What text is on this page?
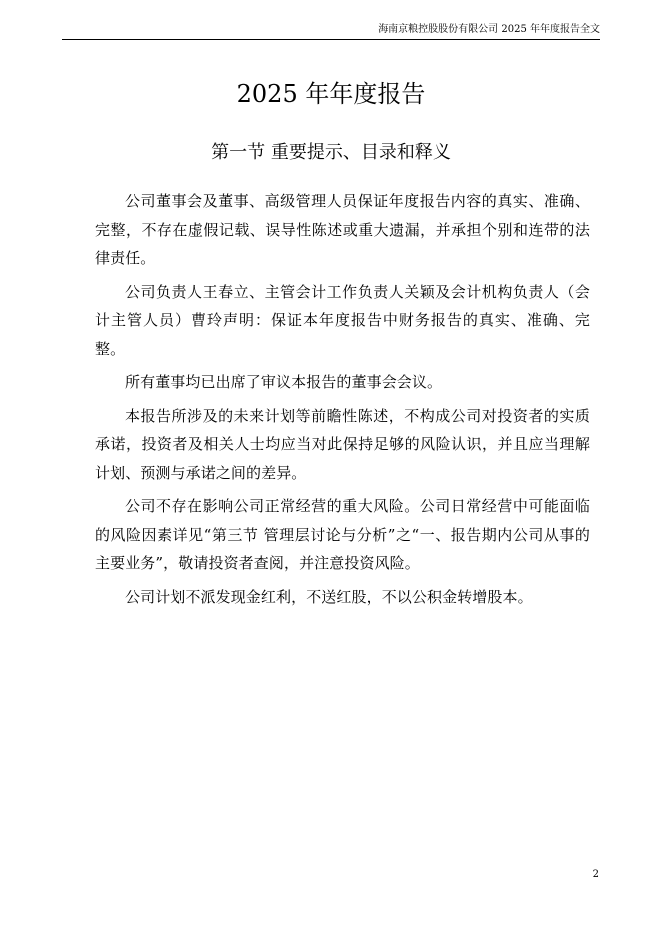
海南京粮控股股份有限公司 2025 年年度报告全文
2025 年年度报告
第一节 重要提示、目录和释义

公司董事会及董事、高级管理人员保证年度报告内容的真实、准确、完整，不存在虚假记载、误导性陈述或重大遗漏，并承担个别和连带的法律责任。

公司负责人王春立、主管会计工作负责人关颖及会计机构负责人（会计主管人员）曹玲声明：保证本年度报告中财务报告的真实、准确、完整。

所有董事均已出席了审议本报告的董事会会议。

本报告所涉及的未来计划等前瞻性陈述，不构成公司对投资者的实质承诺，投资者及相关人士均应当对此保持足够的风险认识，并且应当理解计划、预测与承诺之间的差异。

公司不存在影响公司正常经营的重大风险。公司日常经营中可能面临的风险因素详见“第三节 管理层讨论与分析”之“一、报告期内公司从事的主要业务”，敬请投资者查阅，并注意投资风险。

公司计划不派发现金红利，不送红股，不以公积金转增股本。

2
